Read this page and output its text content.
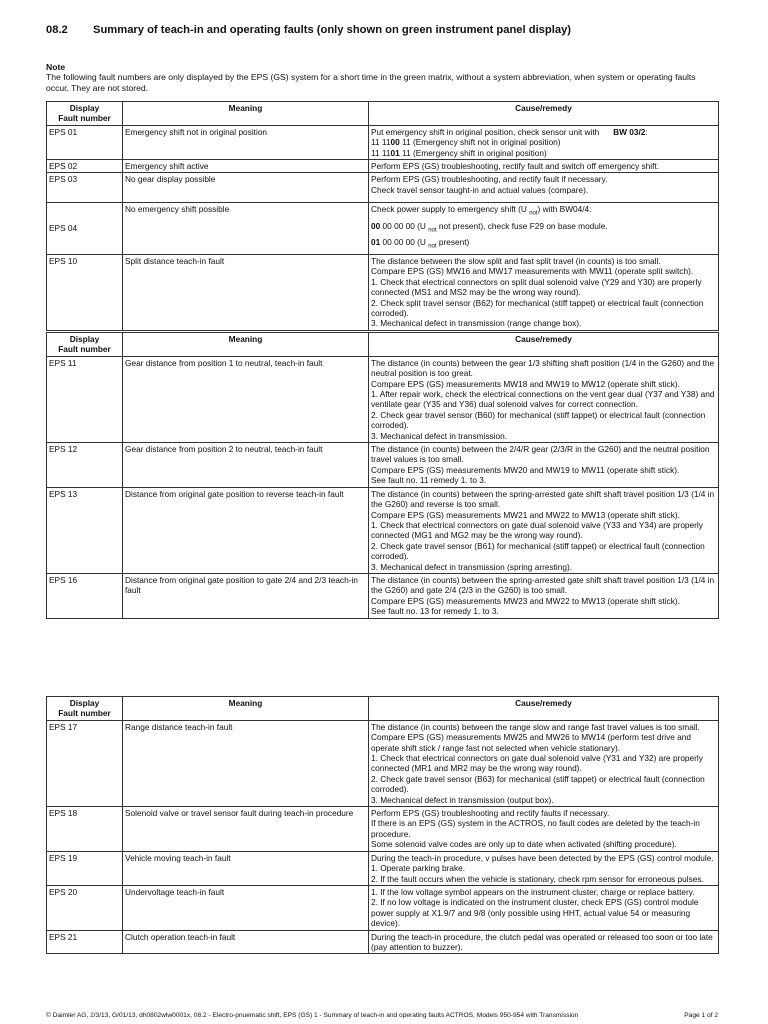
08.2 Summary of teach-in and operating faults (only shown on green instrument panel display)
Note
The following fault numbers are only displayed by the EPS (GS) system for a short time in the green matrix, without a system abbreviation, when system or operating faults occur. They are not stored.
Display
Fault number	Meaning	Cause/remedy
EPS 01	Emergency shift not in original position	Put emergency shift in original position, check sensor unit with BW 03/2:
11 1100 11 (Emergency shift not in original position)
11 1101 11 (Emergency shift in original position)

EPS 02	Emergency shift active	Perform EPS (GS) troubleshooting, rectify fault and switch off emergency shift.
EPS 03	No gear display possible	Perform EPS (GS) troubleshooting, and rectify fault if necessary.
Check travel sensor taught-in and actual values (compare).

EPS 04	No emergency shift possible	Check power supply to emergency shift (U $_{not}$) with BW04/4:
00 00 00 00 (U $_{not}$ not present), check fuse F29 on base module.
01 00 00 00 (U $_{not}$ present)

EPS 10	Split distance teach-in fault	The distance between the slow split and fast split travel (in counts) is too small.
Compare EPS (GS) MW16 and MW17 measurements with MW11 (operate split switch).
1. Check that electrical connectors on split dual solenoid valve (Y29 and Y30) are properly connected (MS1 and MS2 may be the wrong way round).
2. Check split travel sensor (B62) for mechanical (stiff tappet) or electrical fault (connection corroded).
3. Mechanical defect in transmission (range change box).
Display
Fault number	Meaning	Cause/remedy
EPS 11	Gear distance from position 1 to neutral, teach-in fault	The distance (in counts) between the gear 1/3 shifting shaft position (1/4 in the G260) and the neutral position is too great.
Compare EPS (GS) measurements MW18 and MW19 to MW12 (operate shift stick).
1. After repair work, check the electrical connections on the vent gear dual (Y37 and Y38) and ventilate gear (Y35 and Y36) dual solenoid valves for correct connection.
2. Check gear travel sensor (B60) for mechanical (stiff tappet) or electrical fault (connection corroded).
3. Mechanical defect in transmission.

EPS 12	Gear distance from position 2 to neutral, teach-in fault	The distance (in counts) between the 2/4/R gear (2/3/R in the G260) and the neutral position travel values is too small.
Compare EPS (GS) measurements MW20 and MW19 to MW11 (operate shift stick).
See fault no. 11 remedy 1. to 3.

EPS 13	Distance from original gate position to reverse teach-in fault	The distance (in counts) between the spring-arrested gate shift shaft travel position 1/3 (1/4 in the G260) and reverse is too small.
Compare EPS (GS) measurements MW21 and MW22 to MW13 (operate shift stick).
1. Check that electrical connectors on gate dual solenoid valve (Y33 and Y34) are properly connected (MG1 and MG2 may be the wrong way round).
2. Check gate travel sensor (B61) for mechanical (stiff tappet) or electrical fault (connection corroded).
3. Mechanical defect in transmission (spring arresting).

EPS 16	Distance from original gate position to gate 2/4 and 2/3 teach-in fault	The distance (in counts) between the spring-arrested gate shift shaft travel position 1/3 (1/4 in the G260) and gate 2/4 (2/3 in the G260) is too small.
Compare EPS (GS) measurements MW23 and MW22 to MW13 (operate shift stick).
See fault no. 13 for remedy 1. to 3.
Display
Fault number	Meaning	Cause/remedy
EPS 17	Range distance teach-in fault	The distance (in counts) between the range slow and range fast travel values is too small.
Compare EPS (GS) measurements MW25 and MW26 to MW14 (perform test drive and operate shift stick / range fast not selected when vehicle stationary).
1. Check that electrical connectors on gate dual solenoid valve (Y31 and Y32) are properly connected (MR1 and MR2 may be the wrong way round).
2. Check gate travel sensor (B63) for mechanical (stiff tappet) or electrical fault (connection corroded).
3. Mechanical defect in transmission (output box).

EPS 18	Solenoid valve or travel sensor fault during teach-in procedure	Perform EPS (GS) troubleshooting and rectify faults if necessary.
If there is an EPS (GS) system in the ACTROS, no fault codes are deleted by the teach-in procedure.
Some solenoid valve codes are only up to date when activated (shifting procedure).

EPS 19	Vehicle moving teach-in fault	During the teach-in procedure, v pulses have been detected by the EPS (GS) control module.
1. Operate parking brake.
2. If the fault occurs when the vehicle is stationary, check rpm sensor for erroneous pulses.

EPS 20	Undervoltage teach-in fault	1. If the low voltage symbol appears on the instrument cluster, charge or replace battery.
2. If no low voltage is indicated on the instrument cluster, check EPS (GS) control module power supply at X1.9/7 and 9/8 (only possible using HHT, actual value 54 or measuring device).

EPS 21	Clutch operation teach-in fault	During the teach-in procedure, the clutch pedal was operated or released too soon or too late (pay attention to buzzer).
© Daimler AG, 2/3/13, G/01/13, dh0802wlw0001x, 08.2 - Electro-pnuematic shift, EPS (GS) 1 - Summary of teach-in and operating faults ACTROS, Models 950-954 with Transmission	Page 1 of 2
